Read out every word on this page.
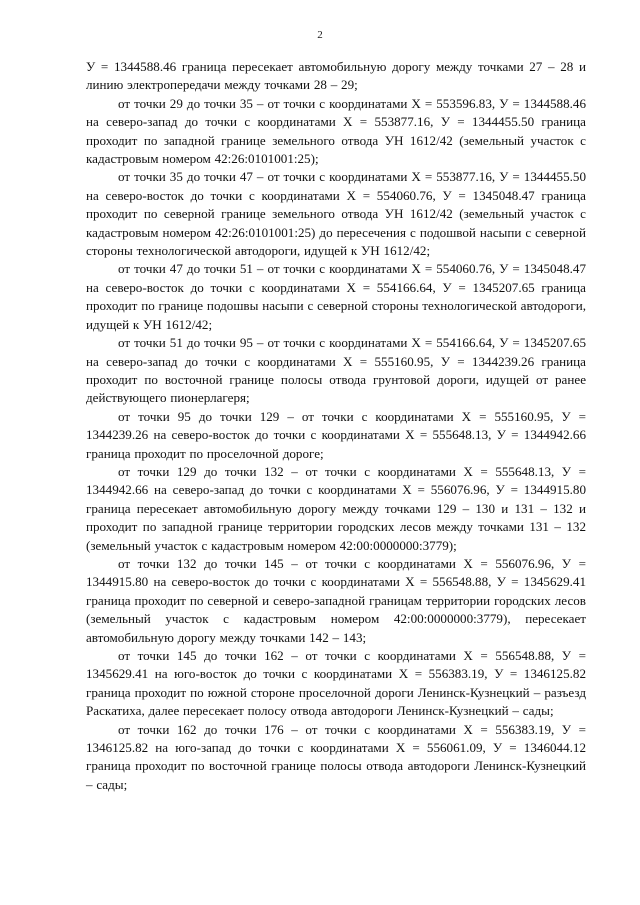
2

У = 1344588.46 граница пересекает автомобильную дорогу между точками 27 – 28 и линию электропередачи между точками 28 – 29;

от точки 29 до точки 35 – от точки с координатами Х = 553596.83, У = 1344588.46 на северо-запад до точки с координатами Х = 553877.16, У = 1344455.50 граница проходит по западной границе земельного отвода УН 1612/42 (земельный участок с кадастровым номером 42:26:0101001:25);

от точки 35 до точки 47 – от точки с координатами Х = 553877.16, У = 1344455.50 на северо-восток до точки с координатами Х = 554060.76, У = 1345048.47 граница проходит по северной границе земельного отвода УН 1612/42 (земельный участок с кадастровым номером 42:26:0101001:25) до пересечения с подошвой насыпи с северной стороны технологической автодороги, идущей к УН 1612/42;

от точки 47 до точки 51 – от точки с координатами Х = 554060.76, У = 1345048.47 на северо-восток до точки с координатами Х = 554166.64, У = 1345207.65 граница проходит по границе подошвы насыпи с северной стороны технологической автодороги, идущей к УН 1612/42;

от точки 51 до точки 95 – от точки с координатами Х = 554166.64, У = 1345207.65 на северо-запад до точки с координатами Х = 555160.95, У = 1344239.26 граница проходит по восточной границе полосы отвода грунтовой дороги, идущей от ранее действующего пионерлагеря;

от точки 95 до точки 129 – от точки с координатами Х = 555160.95, У = 1344239.26 на северо-восток до точки с координатами Х = 555648.13, У = 1344942.66 граница проходит по проселочной дороге;

от точки 129 до точки 132 – от точки с координатами Х = 555648.13, У = 1344942.66 на северо-запад до точки с координатами Х = 556076.96, У = 1344915.80 граница пересекает автомобильную дорогу между точками 129 – 130 и 131 – 132 и проходит по западной границе территории городских лесов между точками 131 – 132 (земельный участок с кадастровым номером 42:00:0000000:3779);

от точки 132 до точки 145 – от точки с координатами Х = 556076.96, У = 1344915.80 на северо-восток до точки с координатами Х = 556548.88, У = 1345629.41 граница проходит по северной и северо-западной границам территории городских лесов (земельный участок с кадастровым номером 42:00:0000000:3779), пересекает автомобильную дорогу между точками 142 – 143;

от точки 145 до точки 162 – от точки с координатами Х = 556548.88, У = 1345629.41 на юго-восток до точки с координатами Х = 556383.19, У = 1346125.82 граница проходит по южной стороне проселочной дороги Ленинск-Кузнецкий – разъезд Раскатиха, далее пересекает полосу отвода автодороги Ленинск-Кузнецкий – сады;

от точки 162 до точки 176 – от точки с координатами Х = 556383.19, У = 1346125.82 на юго-запад до точки с координатами Х = 556061.09, У = 1346044.12 граница проходит по восточной границе полосы отвода автодороги Ленинск-Кузнецкий – сады;
